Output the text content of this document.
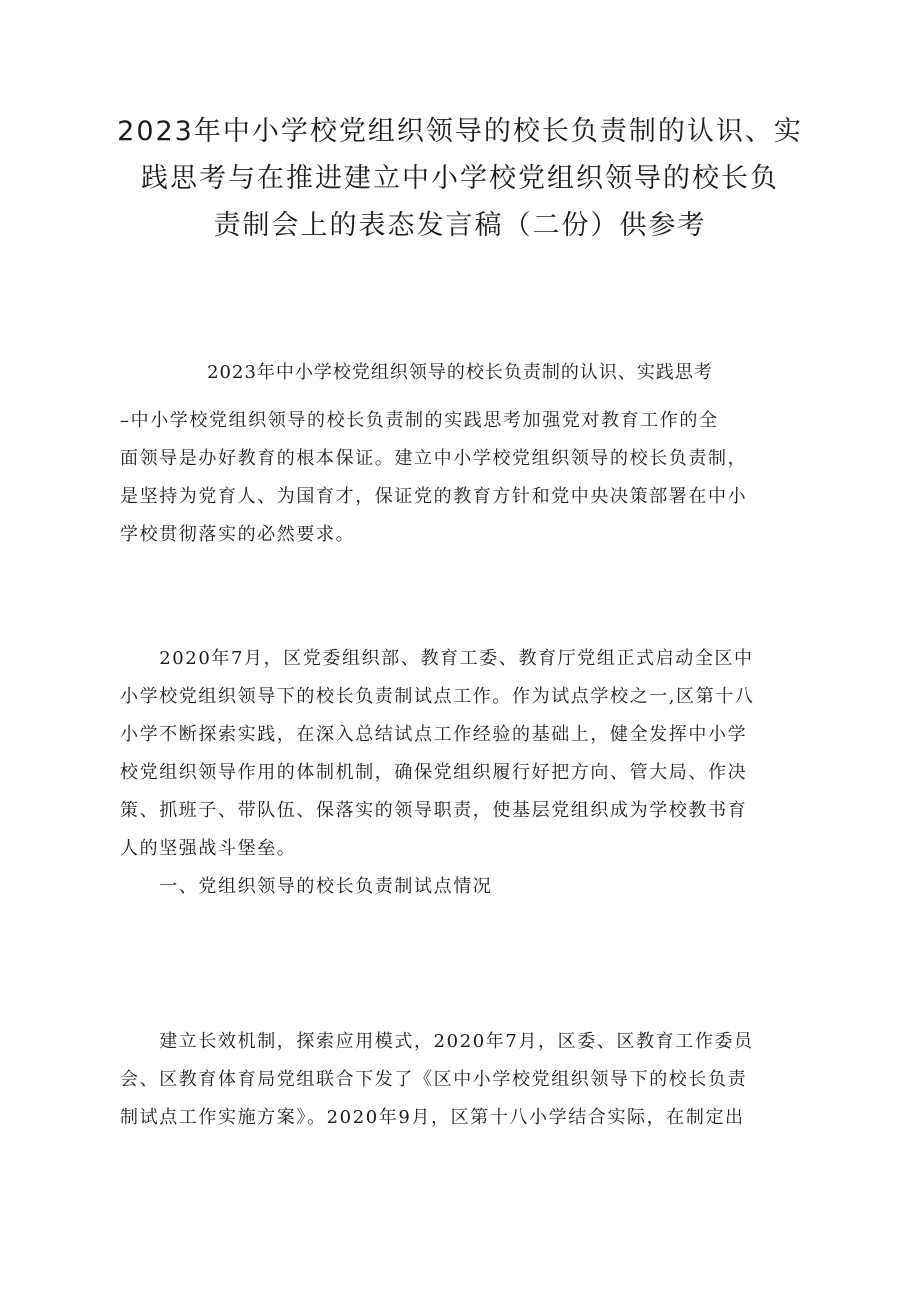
2023年中小学校党组织领导的校长负责制的认识、实
践思考与在推进建立中小学校党组织领导的校长负
责制会上的表态发言稿（二份）供参考
2023年中小学校党组织领导的校长负责制的认识、实践思考
–中小学校党组织领导的校长负责制的实践思考加强党对教育工作的全
面领导是办好教育的根本保证。建立中小学校党组织领导的校长负责制，
是坚持为党育人、为国育才，保证党的教育方针和党中央决策部署在中小
学校贯彻落实的必然要求。
　　2020年7月，区党委组织部、教育工委、教育厅党组正式启动全区中
小学校党组织领导下的校长负责制试点工作。作为试点学校之一,区第十八
小学不断探索实践，在深入总结试点工作经验的基础上，健全发挥中小学
校党组织领导作用的体制机制，确保党组织履行好把方向、管大局、作决
策、抓班子、带队伍、保落实的领导职责，使基层党组织成为学校教书育
人的坚强战斗堡垒。
　　一、党组织领导的校长负责制试点情况
　　建立长效机制，探索应用模式，2020年7月，区委、区教育工作委员
会、区教育体育局党组联合下发了《区中小学校党组织领导下的校长负责
制试点工作实施方案》。2020年9月，区第十八小学结合实际，在制定出
